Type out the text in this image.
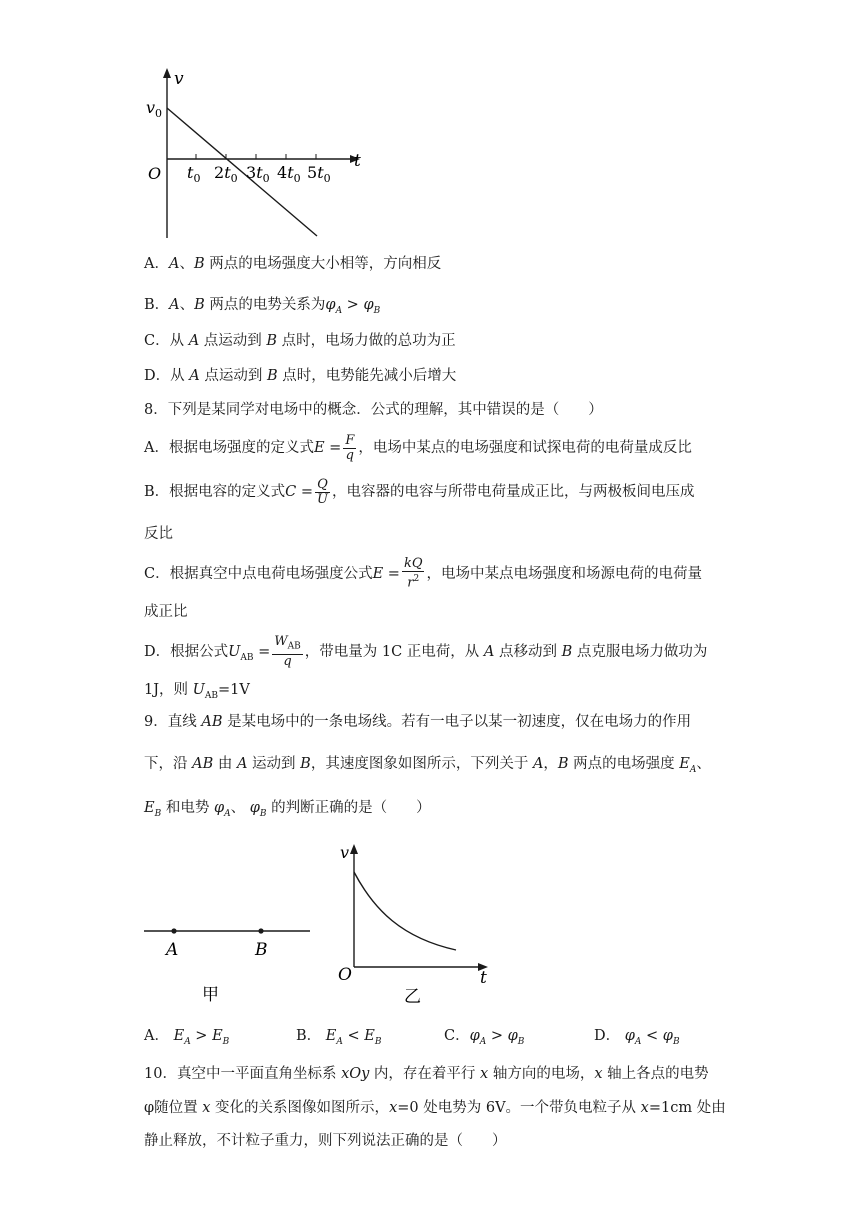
v
$v_0$
O
t
$t_0$ $2t_0$ $3t_0$ $4t_0$ $5t_0$
A．A、B 两点的电场强度大小相等，方向相反
B．A、B 两点的电势关系为$\varphi_A > \varphi_B$
C．从 A 点运动到 B 点时，电场力做的总功为正
D．从 A 点运动到 B 点时，电势能先减小后增大
8．下列是某同学对电场中的概念．公式的理解，其中错误的是（　　）
A．根据电场强度的定义式$E = \frac{F}{q}$ ，电场中某点的电场强度和试探电荷的电荷量成反比
B．根据电容的定义式$C = \frac{Q}{U}$ ，电容器的电容与所带电荷量成正比，与两极板间电压成
反比
C．根据真空中点电荷电场强度公式$E = \frac{kQ}{r^2}$ ，电场中某点电场强度和场源电荷的电荷量
成正比
D．根据公式$U_{AB} = \frac{W_{AB}}{q}$ ，带电量为 1C 正电荷，从 A 点移动到 B 点克服电场力做功为
1J，则 $U_{AB}=1V$
9．直线 AB 是某电场中的一条电场线。若有一电子以某一初速度，仅在电场力的作用
下，沿 AB 由 A 运动到 B，其速度图象如图所示，下列关于 A，B 两点的电场强度 $E_A$、
$E_B$ 和电势 $\varphi_A$、 $\varphi_B$ 的判断正确的是（　　）
A	B
甲
v
O	t
乙
A． $E_A > E_B$	B． $E_A < E_B$	C．$\varphi_A > \varphi_B$	D． $\varphi_A < \varphi_B$
10．真空中一平面直角坐标系 xOy 内，存在着平行 x 轴方向的电场，x 轴上各点的电势
φ随位置 x 变化的关系图像如图所示，x=0 处电势为 6V。一个带负电粒子从 x=1cm 处由
静止释放，不计粒子重力，则下列说法正确的是（　　）
